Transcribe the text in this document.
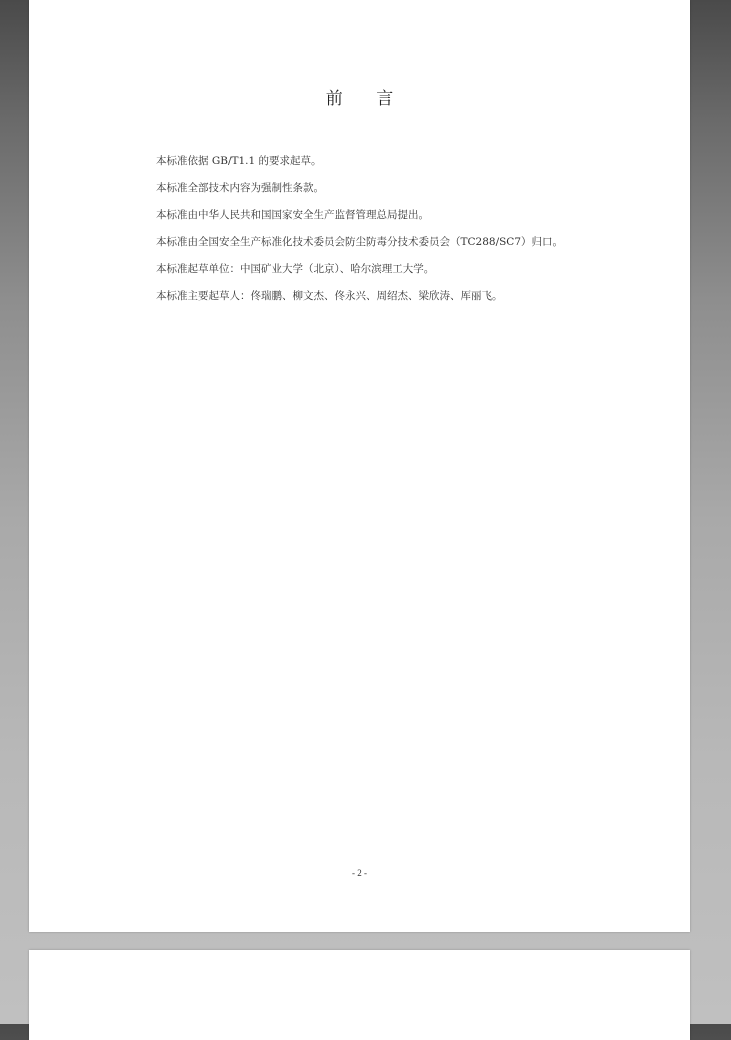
前 言
本标准依据 GB/T1.1 的要求起草。
本标准全部技术内容为强制性条款。
本标准由中华人民共和国国家安全生产监督管理总局提出。
本标准由全国安全生产标准化技术委员会防尘防毒分技术委员会（TC288/SC7）归口。
本标准起草单位：中国矿业大学（北京）、哈尔滨理工大学。
本标准主要起草人：佟瑞鹏、柳文杰、佟永兴、周绍杰、梁欣涛、厍丽飞。
- 2 -
